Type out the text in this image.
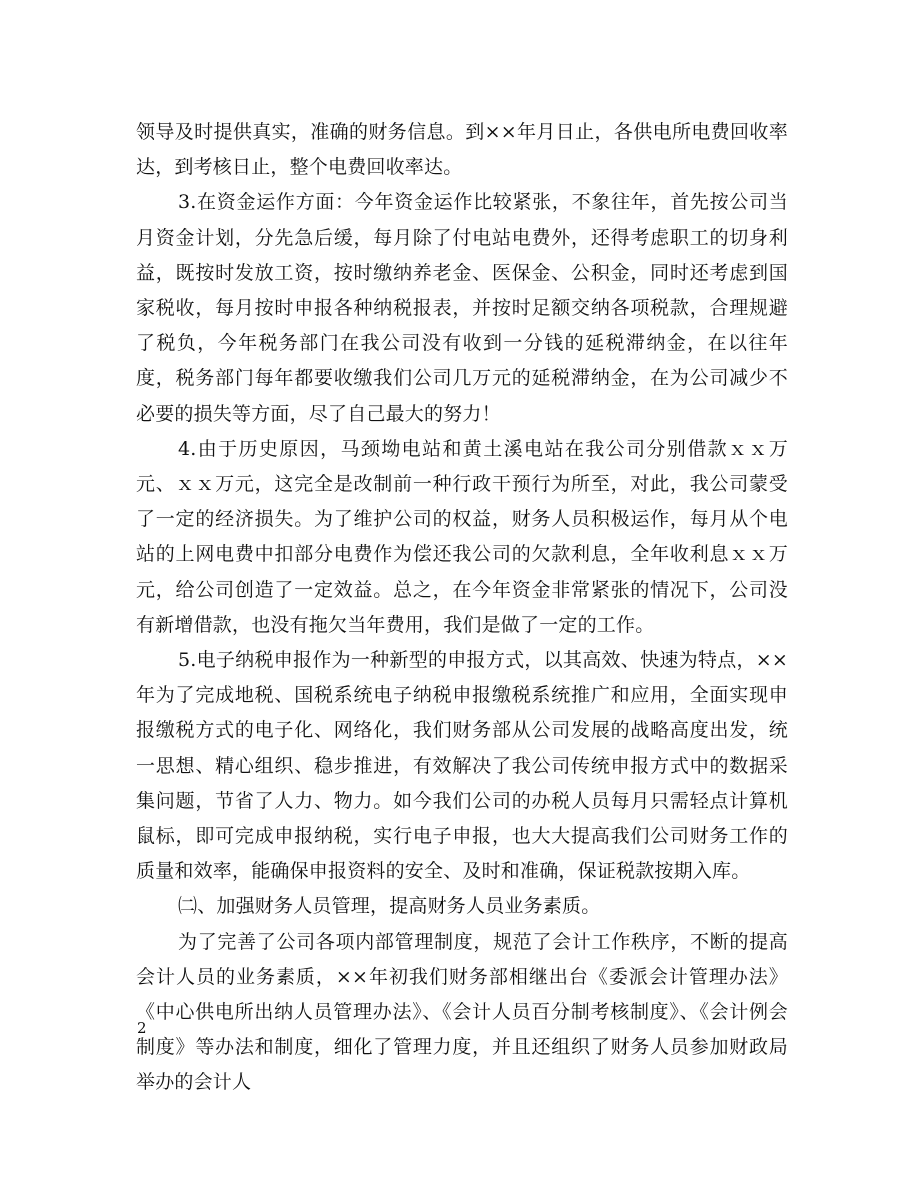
领导及时提供真实，准确的财务信息。到××年月日止，各供电所电费回收率达，到考核日止，整个电费回收率达。

3.在资金运作方面：今年资金运作比较紧张，不象往年，首先按公司当月资金计划，分先急后缓，每月除了付电站电费外，还得考虑职工的切身利益，既按时发放工资，按时缴纳养老金、医保金、公积金，同时还考虑到国家税收，每月按时申报各种纳税报表，并按时足额交纳各项税款，合理规避了税负，今年税务部门在我公司没有收到一分钱的延税滞纳金，在以往年度，税务部门每年都要收缴我们公司几万元的延税滞纳金，在为公司减少不必要的损失等方面，尽了自己最大的努力！

4.由于历史原因，马颈坳电站和黄土溪电站在我公司分别借款ｘｘ万元、ｘｘ万元，这完全是改制前一种行政干预行为所至，对此，我公司蒙受了一定的经济损失。为了维护公司的权益，财务人员积极运作，每月从个电站的上网电费中扣部分电费作为偿还我公司的欠款利息，全年收利息ｘｘ万元，给公司创造了一定效益。总之，在今年资金非常紧张的情况下，公司没有新增借款，也没有拖欠当年费用，我们是做了一定的工作。

5.电子纳税申报作为一种新型的申报方式，以其高效、快速为特点，××年为了完成地税、国税系统电子纳税申报缴税系统推广和应用，全面实现申报缴税方式的电子化、网络化，我们财务部从公司发展的战略高度出发，统一思想、精心组织、稳步推进，有效解决了我公司传统申报方式中的数据采集问题，节省了人力、物力。如今我们公司的办税人员每月只需轻点计算机鼠标，即可完成申报纳税，实行电子申报，也大大提高我们公司财务工作的质量和效率，能确保申报资料的安全、及时和准确，保证税款按期入库。

㈡、加强财务人员管理，提高财务人员业务素质。

为了完善了公司各项内部管理制度，规范了会计工作秩序，不断的提高会计人员的业务素质，××年初我们财务部相继出台《委派会计管理办法》《中心供电所出纳人员管理办法》、《会计人员百分制考核制度》、《会计例会制度》等办法和制度，细化了管理力度，并且还组织了财务人员参加财政局举办的会计人

2
